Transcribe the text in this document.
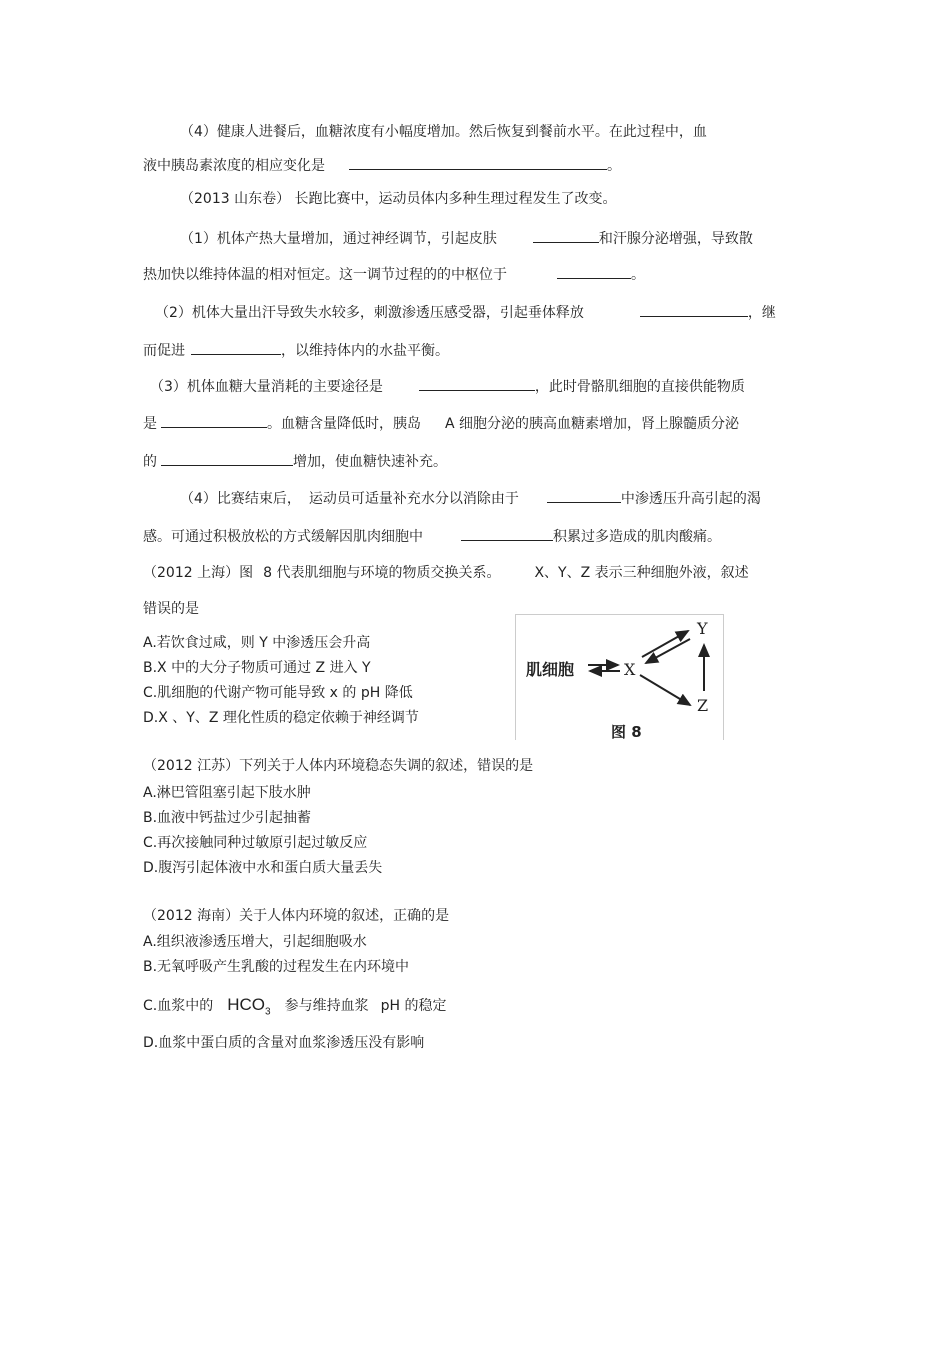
（4）健康人进餐后，血糖浓度有小幅度增加。然后恢复到餐前水平。在此过程中，血
液中胰岛素浓度的相应变化是	。
（2013 山东卷） 长跑比赛中，运动员体内多种生理过程发生了改变。
（1）机体产热大量增加，通过神经调节，引起皮肤	和汗腺分泌增强，导致散
热加快以维持体温的相对恒定。这一调节过程的的中枢位于	。
（2）机体大量出汗导致失水较多，刺激渗透压感受器，引起垂体释放	，继
而促进	，以维持体内的水盐平衡。
（3）机体血糖大量消耗的主要途径是	，此时骨骼肌细胞的直接供能物质
是	。血糖含量降低时，胰岛 A 细胞分泌的胰高血糖素增加，肾上腺髓质分泌
的	增加，使血糖快速补充。
（4）比赛结束后， 运动员可适量补充水分以消除由于	中渗透压升高引起的渴
感。可通过积极放松的方式缓解因肌肉细胞中	积累过多造成的肌肉酸痛。
（2012 上海）图 8 代表肌细胞与环境的物质交换关系。 X、Y、Z 表示三种细胞外液，叙述
错误的是
A.若饮食过咸，则 Y 中渗透压会升高
B.X 中的大分子物质可通过 Z 进入 Y
C.肌细胞的代谢产物可能导致 x 的 pH 降低
D.X 、Y、Z 理化性质的稳定依赖于神经调节
肌细胞	X
Y
Z
图 8
（2012 江苏）下列关于人体内环境稳态失调的叙述，错误的是
A.淋巴管阻塞引起下肢水肿
B.血液中钙盐过少引起抽蓄
C.再次接触同种过敏原引起过敏反应
D.腹泻引起体液中水和蛋白质大量丢失
（2012 海南）关于人体内环境的叙述，正确的是
A.组织液渗透压增大，引起细胞吸水
B.无氧呼吸产生乳酸的过程发生在内环境中
C.血浆中的 $HCO_3$ 参与维持血浆 pH 的稳定
D.血浆中蛋白质的含量对血浆渗透压没有影响
